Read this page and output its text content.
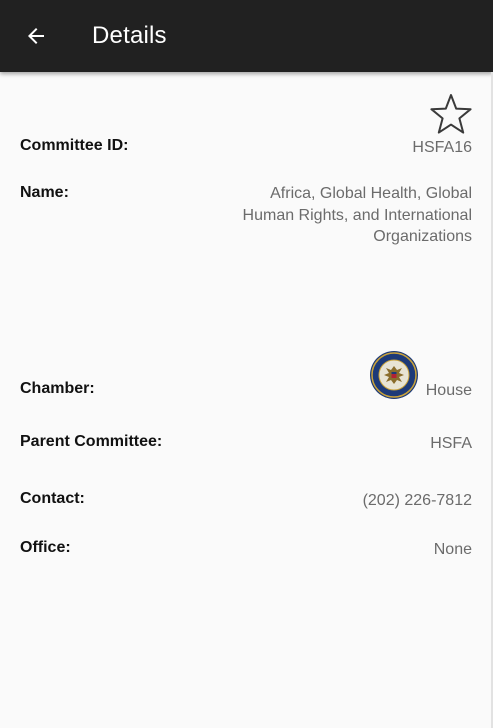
Details
Committee ID:	HSFA16
Name:	Africa, Global Health, Global
Human Rights, and International
Organizations
Chamber:	House
Parent Committee:	HSFA
Contact:	(202) 226-7812
Office:	None
